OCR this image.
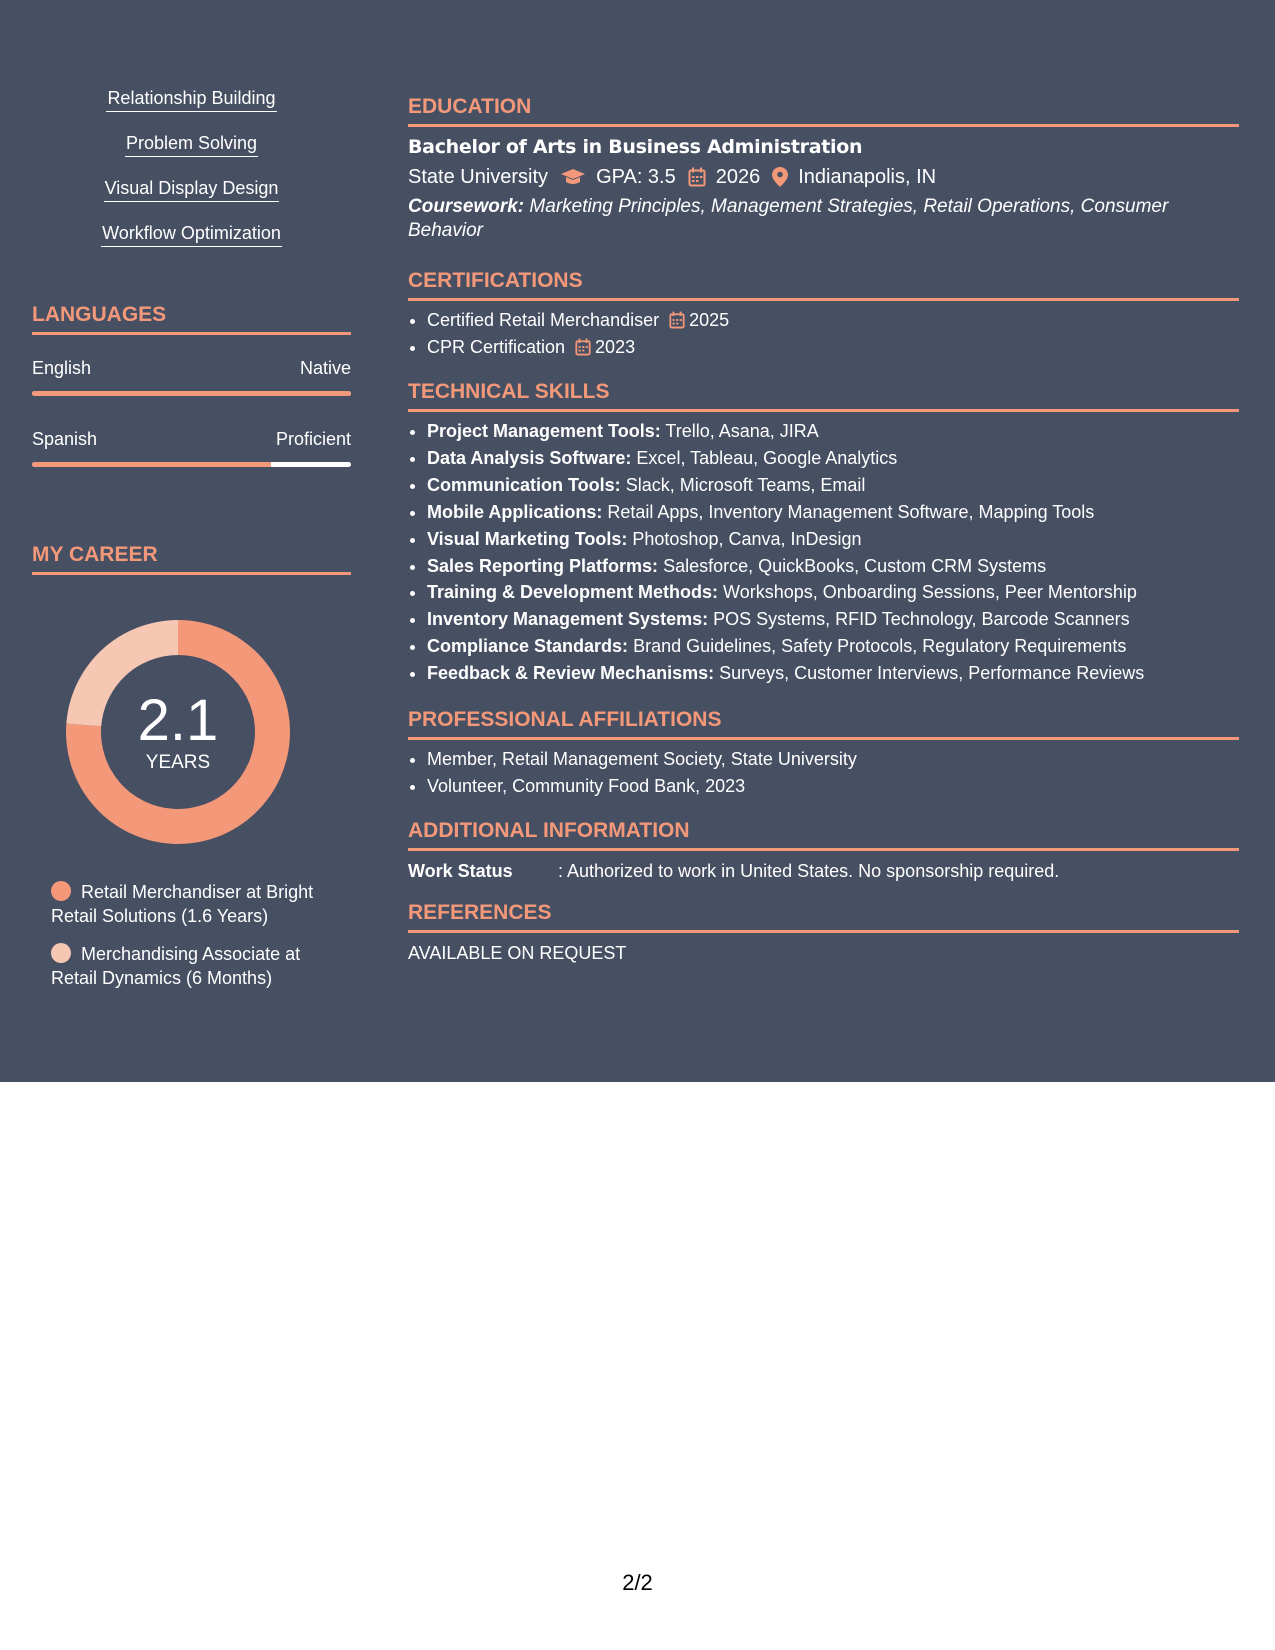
Relationship Building
Problem Solving
Visual Display Design
Workflow Optimization
LANGUAGES
English	Native
Spanish	Proficient
MY CAREER
2.1
YEARS
Retail Merchandiser at Bright Retail Solutions (1.6 Years)
Merchandising Associate at Retail Dynamics (6 Months)
EDUCATION
Bachelor of Arts in Business Administration
State University GPA: 3.5 2026 Indianapolis, IN
Coursework: Marketing Principles, Management Strategies, Retail Operations, Consumer Behavior
CERTIFICATIONS
• Certified Retail Merchandiser 2025
• CPR Certification 2023
TECHNICAL SKILLS
• Project Management Tools: Trello, Asana, JIRA
• Data Analysis Software: Excel, Tableau, Google Analytics
• Communication Tools: Slack, Microsoft Teams, Email
• Mobile Applications: Retail Apps, Inventory Management Software, Mapping Tools
• Visual Marketing Tools: Photoshop, Canva, InDesign
• Sales Reporting Platforms: Salesforce, QuickBooks, Custom CRM Systems
• Training & Development Methods: Workshops, Onboarding Sessions, Peer Mentorship
• Inventory Management Systems: POS Systems, RFID Technology, Barcode Scanners
• Compliance Standards: Brand Guidelines, Safety Protocols, Regulatory Requirements
• Feedback & Review Mechanisms: Surveys, Customer Interviews, Performance Reviews
PROFESSIONAL AFFILIATIONS
• Member, Retail Management Society, State University
• Volunteer, Community Food Bank, 2023
ADDITIONAL INFORMATION
Work Status	: Authorized to work in United States. No sponsorship required.
REFERENCES
AVAILABLE ON REQUEST
2/2
